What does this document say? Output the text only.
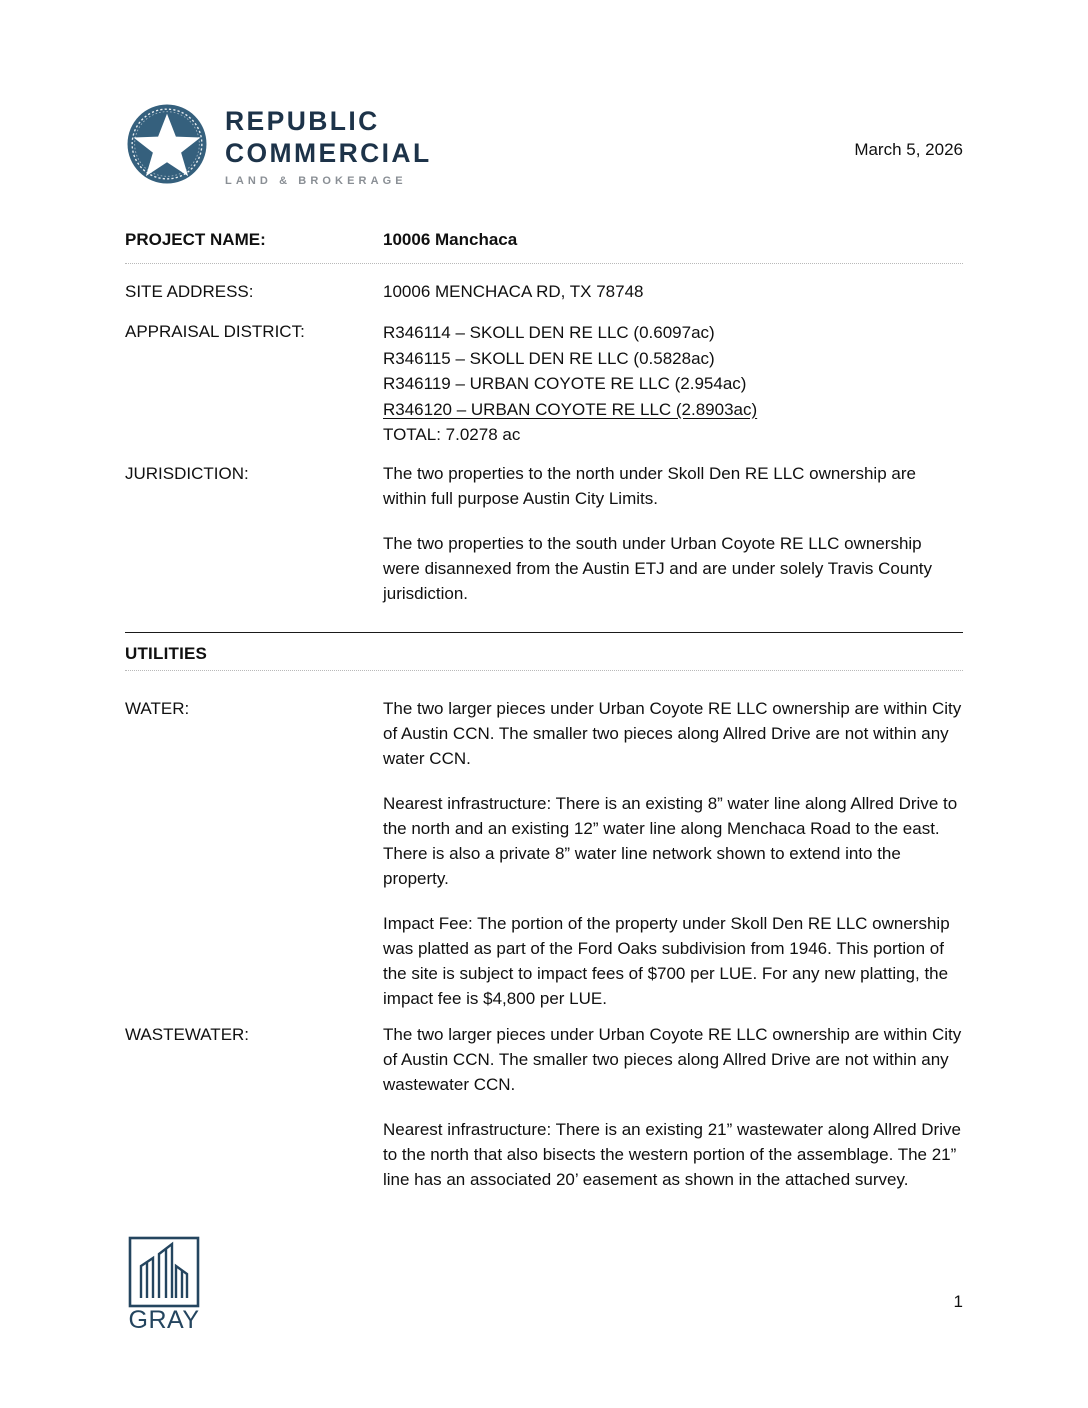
REPUBLIC
COMMERCIAL
LAND & BROKERAGE
March 5, 2026
PROJECT NAME:	10006 Manchaca
SITE ADDRESS:	10006 MENCHACA RD, TX 78748
APPRAISAL DISTRICT:	R346114 – SKOLL DEN RE LLC (0.6097ac)
R346115 – SKOLL DEN RE LLC (0.5828ac)
R346119 – URBAN COYOTE RE LLC (2.954ac)
R346120 – URBAN COYOTE RE LLC (2.8903ac)
TOTAL: 7.0278 ac
JURISDICTION:	The two properties to the north under Skoll Den RE LLC ownership are within full purpose Austin City Limits.

The two properties to the south under Urban Coyote RE LLC ownership were disannexed from the Austin ETJ and are under solely Travis County jurisdiction.

UTILITIES
WATER:	The two larger pieces under Urban Coyote RE LLC ownership are within City of Austin CCN. The smaller two pieces along Allred Drive are not within any water CCN.

Nearest infrastructure: There is an existing 8” water line along Allred Drive to the north and an existing 12” water line along Menchaca Road to the east. There is also a private 8” water line network shown to extend into the property.

Impact Fee: The portion of the property under Skoll Den RE LLC ownership was platted as part of the Ford Oaks subdivision from 1946. This portion of the site is subject to impact fees of $700 per LUE. For any new platting, the impact fee is $4,800 per LUE.

WASTEWATER:	The two larger pieces under Urban Coyote RE LLC ownership are within City of Austin CCN. The smaller two pieces along Allred Drive are not within any wastewater CCN.

Nearest infrastructure: There is an existing 21” wastewater along Allred Drive to the north that also bisects the western portion of the assemblage. The 21” line has an associated 20’ easement as shown in the attached survey.

GRAY
1
